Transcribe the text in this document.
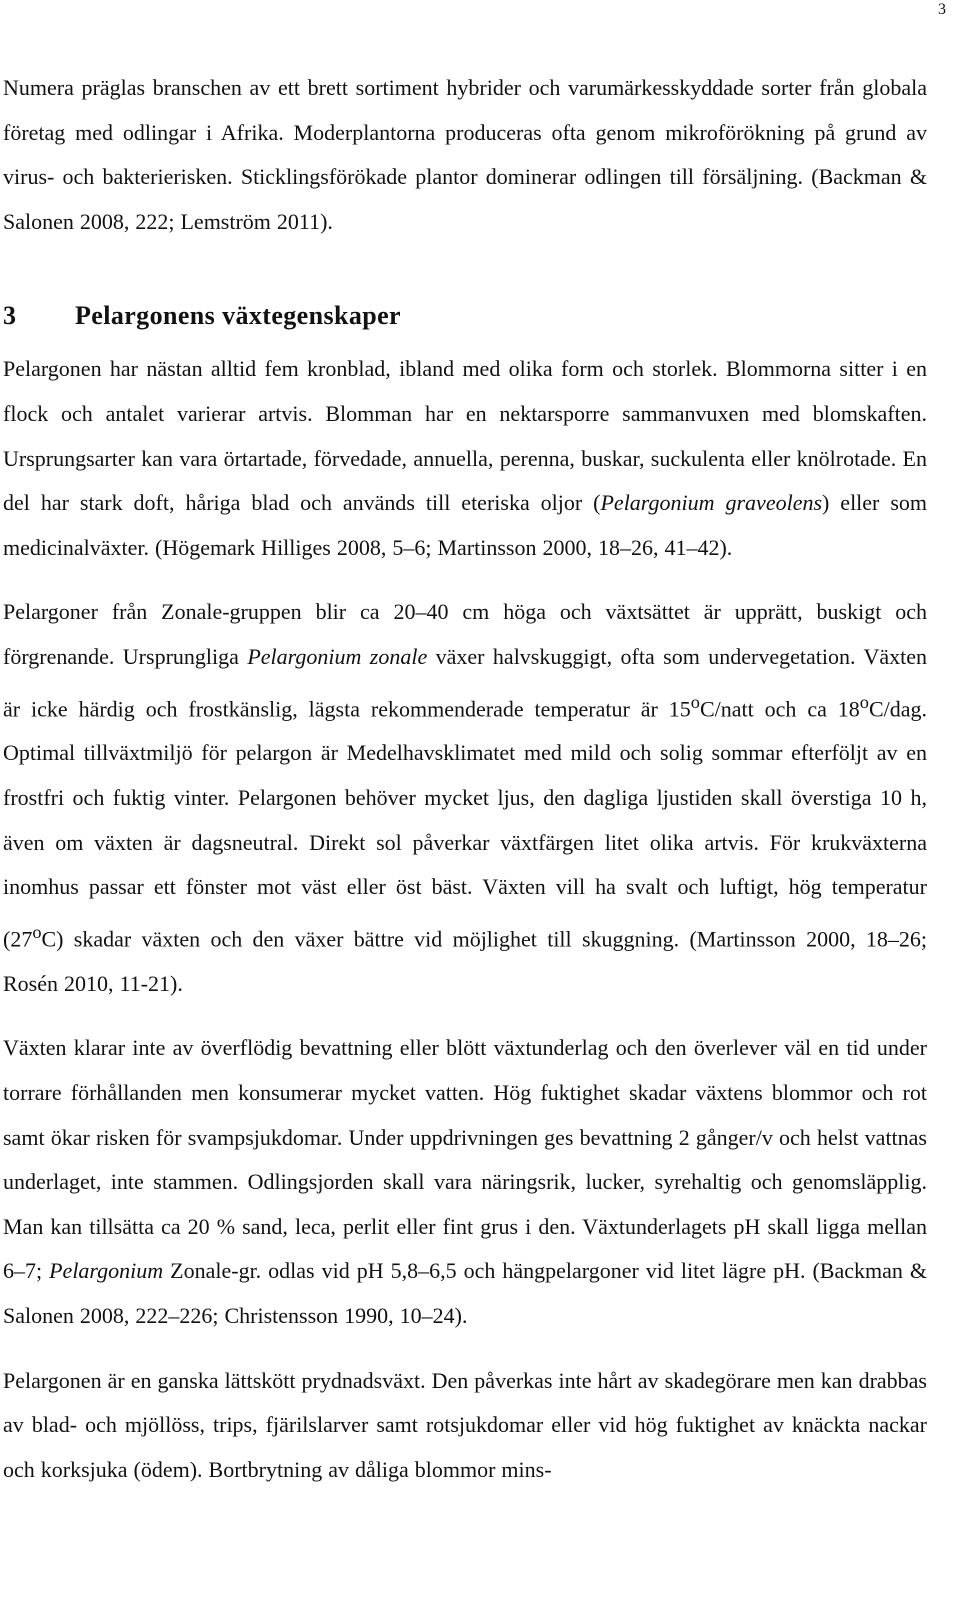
3

Numera präglas branschen av ett brett sortiment hybrider och varumärkesskyddade sorter från globala företag med odlingar i Afrika. Moderplantorna produceras ofta genom mikroförökning på grund av virus- och bakterierisken. Sticklingsförökade plantor dominerar odlingen till försäljning. (Backman & Salonen 2008, 222; Lemström 2011).

3 Pelargonens växtegenskaper

Pelargonen har nästan alltid fem kronblad, ibland med olika form och storlek. Blommorna sitter i en flock och antalet varierar artvis. Blomman har en nektarsporre sammanvuxen med blomskaften. Ursprungsarter kan vara örtartade, förvedade, annuella, perenna, buskar, suckulenta eller knölrotade. En del har stark doft, håriga blad och används till eteriska oljor (Pelargonium graveolens) eller som medicinalväxter. (Högemark Hilliges 2008, 5–6; Martinsson 2000, 18–26, 41–42).

Pelargoner från Zonale-gruppen blir ca 20–40 cm höga och växtsättet är upprätt, buskigt och förgrenande. Ursprungliga Pelargonium zonale växer halvskuggigt, ofta som undervegetation. Växten är icke härdig och frostkänslig, lägsta rekommenderade temperatur är 15$^o$C/natt och ca 18$^o$C/dag. Optimal tillväxtmiljö för pelargon är Medelhavsklimatet med mild och solig sommar efterföljt av en frostfri och fuktig vinter. Pelargonen behöver mycket ljus, den dagliga ljustiden skall överstiga 10 h, även om växten är dagsneutral. Direkt sol påverkar växtfärgen litet olika artvis. För krukväxterna inomhus passar ett fönster mot väst eller öst bäst. Växten vill ha svalt och luftigt, hög temperatur (27$^o$C) skadar växten och den växer bättre vid möjlighet till skuggning. (Martinsson 2000, 18–26; Rosén 2010, 11-21).

Växten klarar inte av överflödig bevattning eller blött växtunderlag och den överlever väl en tid under torrare förhållanden men konsumerar mycket vatten. Hög fuktighet skadar växtens blommor och rot samt ökar risken för svampsjukdomar. Under uppdrivningen ges bevattning 2 gånger/v och helst vattnas underlaget, inte stammen. Odlingsjorden skall vara näringsrik, lucker, syrehaltig och genomsläpplig. Man kan tillsätta ca 20 % sand, leca, perlit eller fint grus i den. Växtunderlagets pH skall ligga mellan 6–7; Pelargonium Zonale-gr. odlas vid pH 5,8–6,5 och hängpelargoner vid litet lägre pH. (Backman & Salonen 2008, 222–226; Christensson 1990, 10–24).

Pelargonen är en ganska lättskött prydnadsväxt. Den påverkas inte hårt av skadegörare men kan drabbas av blad- och mjöllöss, trips, fjärilslarver samt rotsjukdomar eller vid hög fuktighet av knäckta nackar och korksjuka (ödem). Bortbrytning av dåliga blommor mins-
